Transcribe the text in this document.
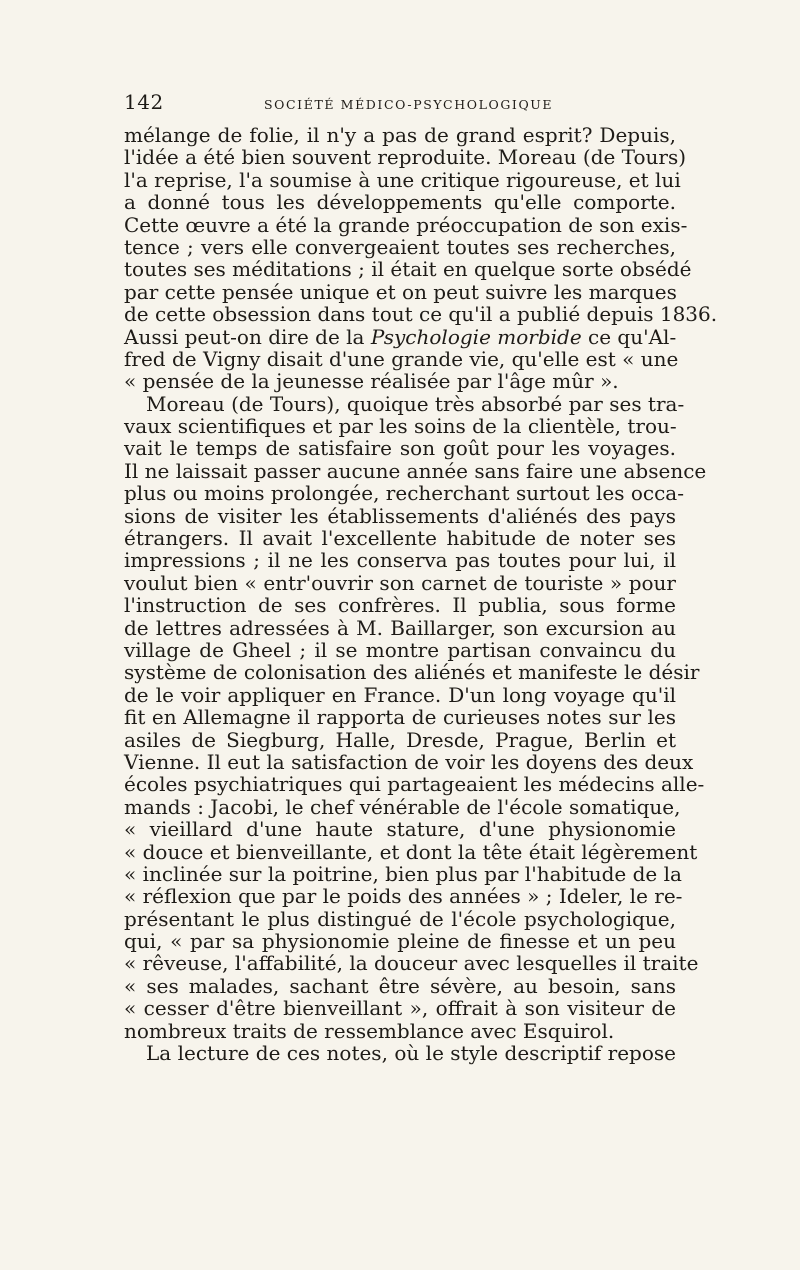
142	SOCIÉTÉ MÉDICO-PSYCHOLOGIQUE
mélange de folie, il n'y a pas de grand esprit? Depuis,
l'idée a été bien souvent reproduite. Moreau (de Tours)
l'a reprise, l'a soumise à une critique rigoureuse, et lui
a donné tous les développements qu'elle comporte.
Cette œuvre a été la grande préoccupation de son exis-
tence ; vers elle convergeaient toutes ses recherches,
toutes ses méditations ; il était en quelque sorte obsédé
par cette pensée unique et on peut suivre les marques
de cette obsession dans tout ce qu'il a publié depuis 1836.
Aussi peut-on dire de la Psychologie morbide ce qu'Al-
fred de Vigny disait d'une grande vie, qu'elle est « une
« pensée de la jeunesse réalisée par l'âge mûr ».
Moreau (de Tours), quoique très absorbé par ses tra-
vaux scientifiques et par les soins de la clientèle, trou-
vait le temps de satisfaire son goût pour les voyages.
Il ne laissait passer aucune année sans faire une absence
plus ou moins prolongée, recherchant surtout les occa-
sions de visiter les établissements d'aliénés des pays
étrangers. Il avait l'excellente habitude de noter ses
impressions ; il ne les conserva pas toutes pour lui, il
voulut bien « entr'ouvrir son carnet de touriste » pour
l'instruction de ses confrères. Il publia, sous forme
de lettres adressées à M. Baillarger, son excursion au
village de Gheel ; il se montre partisan convaincu du
système de colonisation des aliénés et manifeste le désir
de le voir appliquer en France. D'un long voyage qu'il
fit en Allemagne il rapporta de curieuses notes sur les
asiles de Siegburg, Halle, Dresde, Prague, Berlin et
Vienne. Il eut la satisfaction de voir les doyens des deux
écoles psychiatriques qui partageaient les médecins alle-
mands : Jacobi, le chef vénérable de l'école somatique,
« vieillard d'une haute stature, d'une physionomie
« douce et bienveillante, et dont la tête était légèrement
« inclinée sur la poitrine, bien plus par l'habitude de la
« réflexion que par le poids des années » ; Ideler, le re-
présentant le plus distingué de l'école psychologique,
qui, « par sa physionomie pleine de finesse et un peu
« rêveuse, l'affabilité, la douceur avec lesquelles il traite
« ses malades, sachant être sévère, au besoin, sans
« cesser d'être bienveillant », offrait à son visiteur de
nombreux traits de ressemblance avec Esquirol.
La lecture de ces notes, où le style descriptif repose
